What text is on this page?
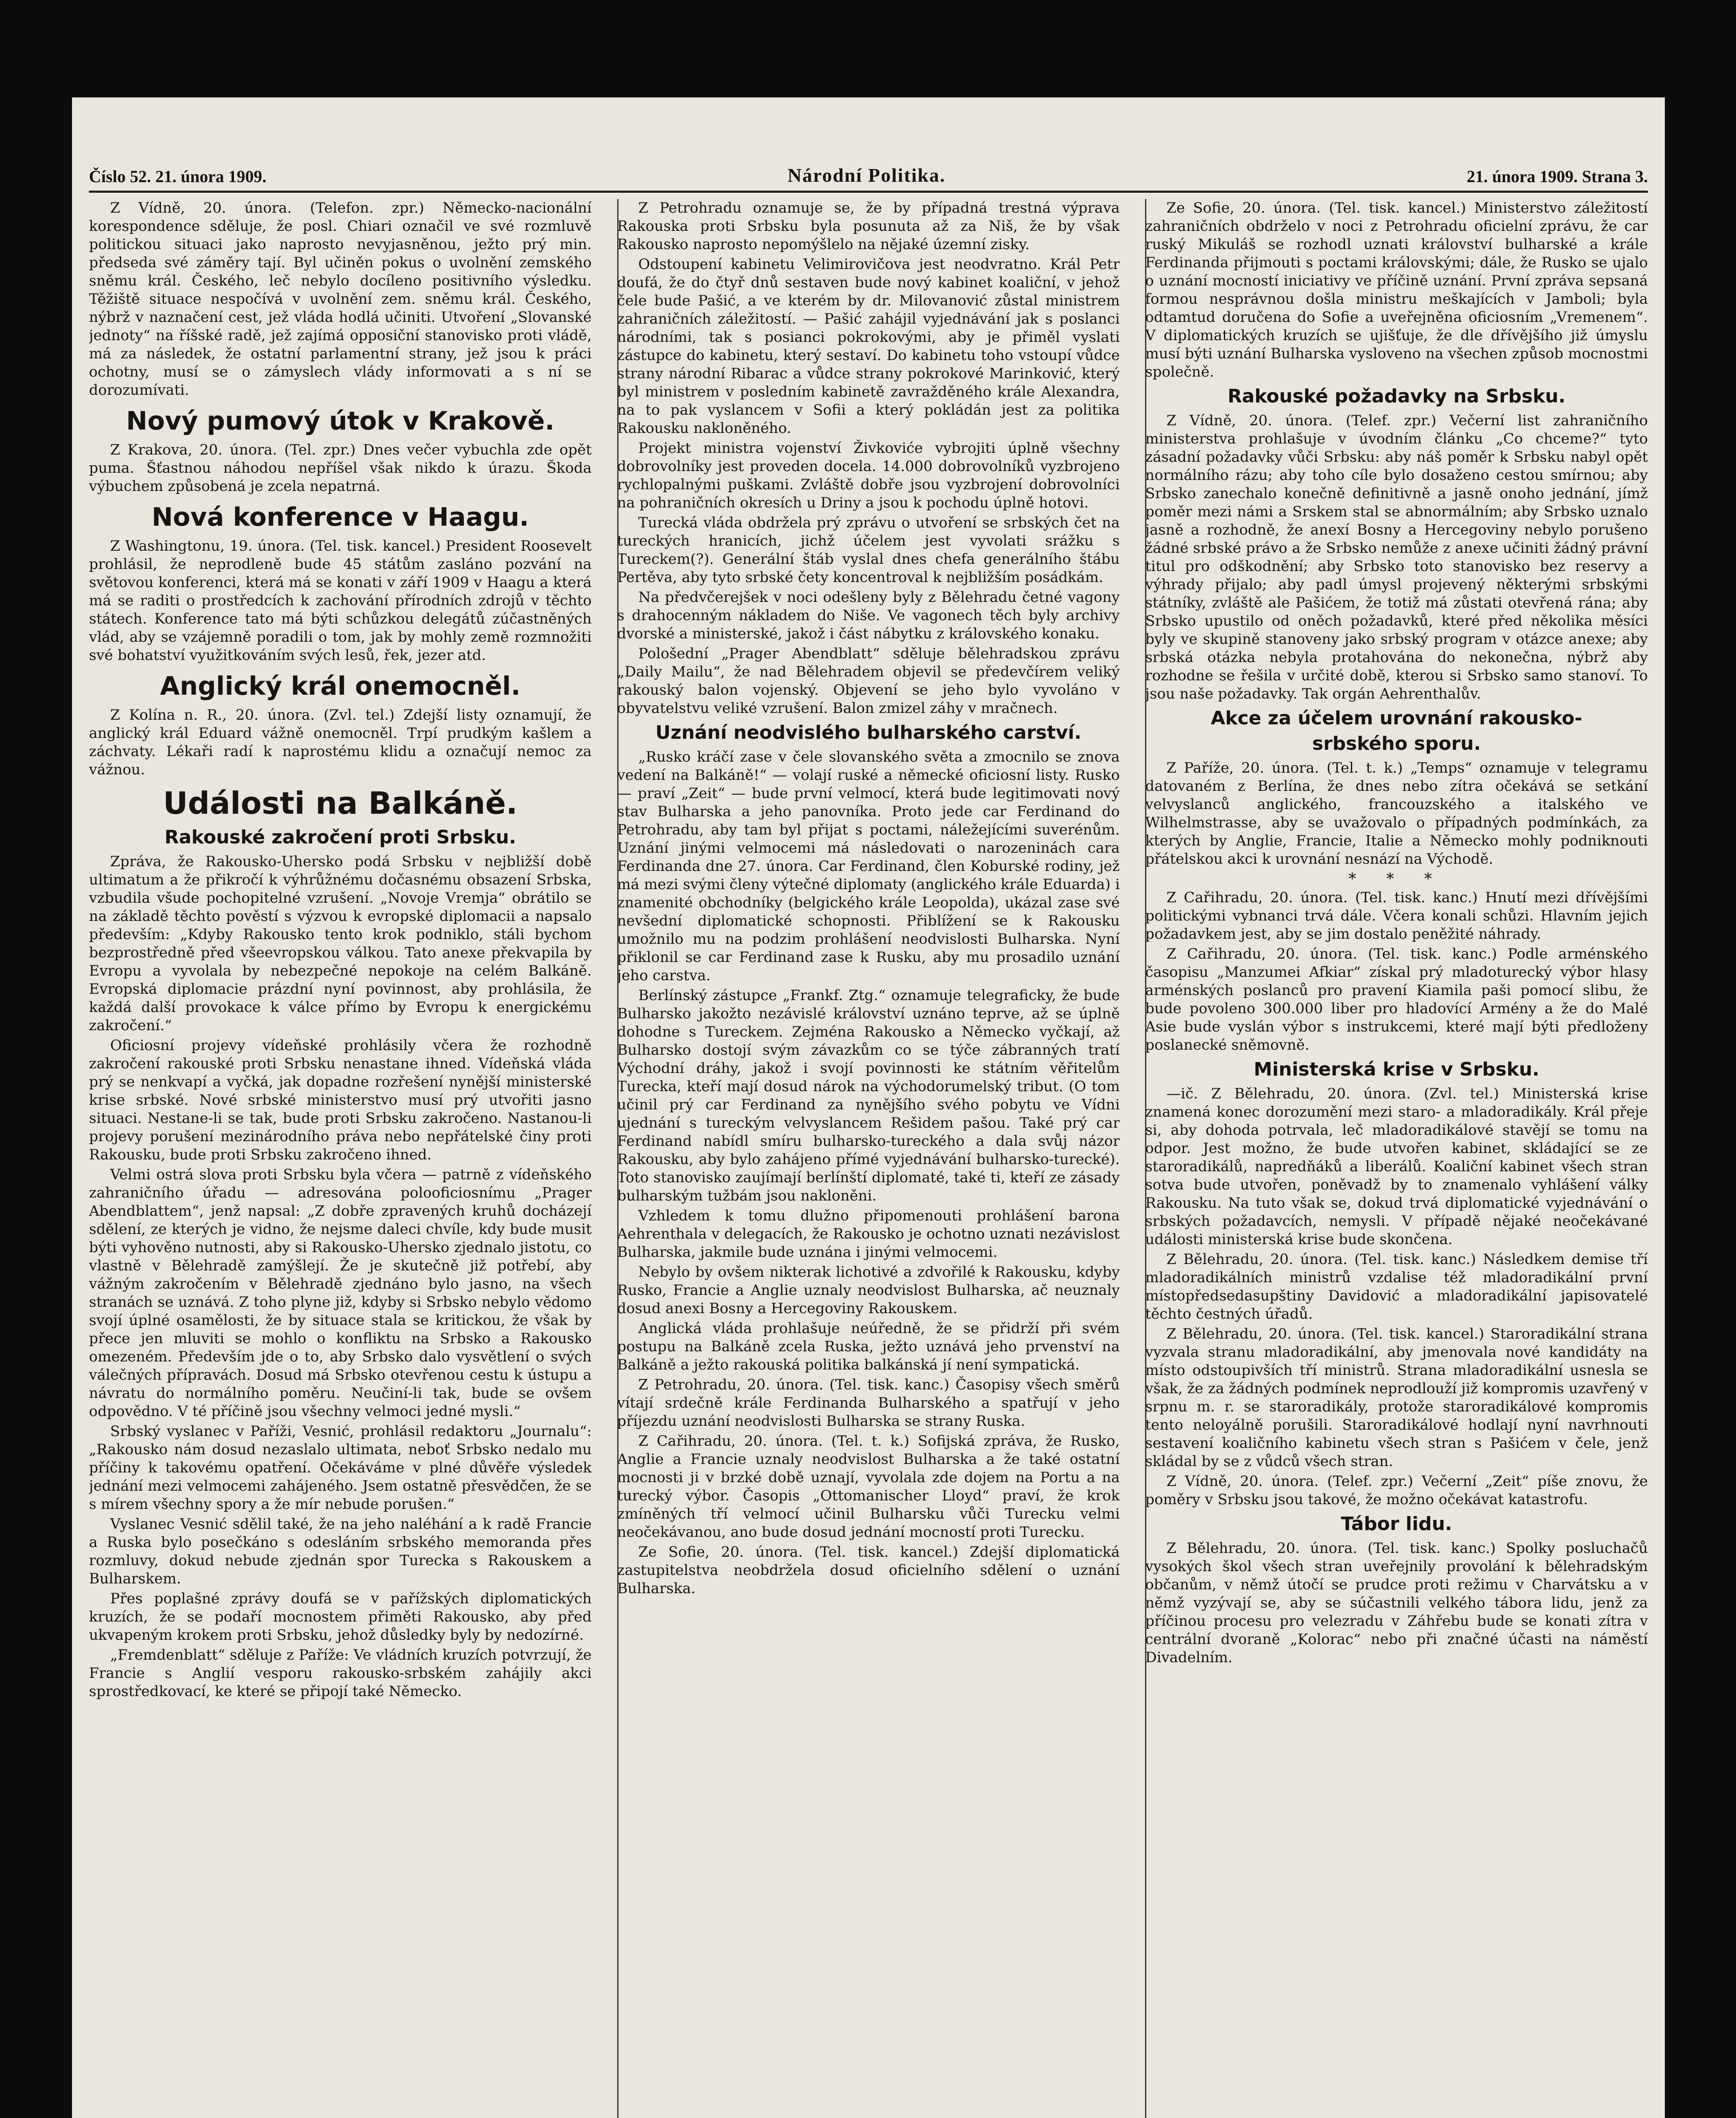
Číslo 52. 21. února 1909.	Národní Politika.	21. února 1909. Strana 3.

Z Vídně, 20. února. (Telefon. zpr.) Německo-nacionální korespondence sděluje, že posl. Chiari označil ve své rozmluvě politickou situaci jako naprosto nevyjasněnou, ježto prý min. předseda své záměry tají. Byl učiněn pokus o uvolnění zemského sněmu král. Českého, leč nebylo docíleno positivního výsledku. Těžiště situace nespočívá v uvolnění zem. sněmu král. Českého, nýbrž v naznačení cest, jež vláda hodlá učiniti. Utvoření „Slovanské jednoty“ na říšské radě, jež zajímá opposiční stanovisko proti vládě, má za následek, že ostatní parlamentní strany, jež jsou k práci ochotny, musí se o zámyslech vlády informovati a s ní se dorozumívati.

Nový pumový útok v Krakově.

Z Krakova, 20. února. (Tel. zpr.) Dnes večer vybuchla zde opět puma. Šťastnou náhodou nepříšel však nikdo k úrazu. Škoda výbuchem způsobená je zcela nepatrná.

Nová konference v Haagu.

Z Washingtonu, 19. února. (Tel. tisk. kancel.) President Roosevelt prohlásil, že neprodleně bude 45 státům zasláno pozvání na světovou konferenci, která má se konati v září 1909 v Haagu a která má se raditi o prostředcích k zachování přírodních zdrojů v těchto státech. Konference tato má býti schůzkou delegátů zúčastněných vlád, aby se vzájemně poradili o tom, jak by mohly země rozmnožiti své bohatství využitkováním svých lesů, řek, jezer atd.

Anglický král onemocněl.

Z Kolína n. R., 20. února. (Zvl. tel.) Zdejší listy oznamují, že anglický král Eduard vážně onemocněl. Trpí prudkým kašlem a záchvaty. Lékaři radí k naprostému klidu a označují nemoc za vážnou.

Události na Balkáně.
Rakouské zakročení proti Srbsku.

Zpráva, že Rakousko-Uhersko podá Srbsku v nejbližší době ultimatum a že přikročí k výhrůžnému dočasnému obsazení Srbska, vzbudila všude pochopitelné vzrušení. „Novoje Vremja“ obrátilo se na základě těchto pověstí s výzvou k evropské diplomacii a napsalo především: „Kdyby Rakousko tento krok podniklo, stáli bychom bezprostředně před všeevropskou válkou. Tato anexe překvapila by Evropu a vyvolala by nebezpečné nepokoje na celém Balkáně. Evropská diplomacie prázdní nyní povinnost, aby prohlásila, že každá další provokace k válce přímo by Evropu k energickému zakročení.“

Oficiosní projevy vídeňské prohlásily včera že rozhodně zakročení rakouské proti Srbsku nenastane ihned. Vídeňská vláda prý se nenkvapí a vyčká, jak dopadne rozřešení nynější ministerské krise srbské. Nové srbské ministerstvo musí prý utvořiti jasno situaci. Nestane-li se tak, bude proti Srbsku zakročeno. Nastanou-li projevy porušení mezinárodního práva nebo nepřátelské činy proti Rakousku, bude proti Srbsku zakročeno ihned.

Velmi ostrá slova proti Srbsku byla včera — patrně z vídeňského zahraničního úřadu — adresována polooficiosnímu „Prager Abendblattem“, jenž napsal: „Z dobře zpravených kruhů docházejí sdělení, ze kterých je vidno, že nejsme daleci chvíle, kdy bude musit býti vyhověno nutnosti, aby si Rakousko-Uhersko zjednalo jistotu, co vlastně v Bělehradě zamýšlejí. Že je skutečně již potřebí, aby vážným zakročením v Bělehradě zjednáno bylo jasno, na všech stranách se uznává. Z toho plyne již, kdyby si Srbsko nebylo vědomo svojí úplné osamělosti, že by situace stala se kritickou, že však by přece jen mluviti se mohlo o konfliktu na Srbsko a Rakousko omezeném. Především jde o to, aby Srbsko dalo vysvětlení o svých válečných přípravách. Dosud má Srbsko otevřenou cestu k ústupu a návratu do normálního poměru. Neučiní-li tak, bude se ovšem odpovědno. V té příčině jsou všechny velmoci jedné mysli.“

Srbský vyslanec v Paříži, Vesnić, prohlásil redaktoru „Journalu“: „Rakousko nám dosud nezaslalo ultimata, neboť Srbsko nedalo mu příčiny k takovému opatření. Očekáváme v plné důvěře výsledek jednání mezi velmocemi zahájeného. Jsem ostatně přesvědčen, že se s mírem všechny spory a že mír nebude porušen.“

Vyslanec Vesnić sdělil také, že na jeho naléhání a k radě Francie a Ruska bylo posečkáno s odesláním srbského memoranda přes rozmluvy, dokud nebude zjednán spor Turecka s Rakouskem a Bulharskem.

Přes poplašné zprávy doufá se v pařížských diplomatických kruzích, že se podaří mocnostem přiměti Rakousko, aby před ukvapeným krokem proti Srbsku, jehož důsledky byly by nedozírné.

„Fremdenblatt“ sděluje z Paříže: Ve vládních kruzích potvrzují, že Francie s Anglií vesporu rakousko-srbském zahájily akci sprostředkovací, ke které se připojí také Německo.

Z Petrohradu oznamuje se, že by případná trestná výprava Rakouska proti Srbsku byla posunuta až za Niš, že by však Rakousko naprosto nepomýšlelo na nějaké územní zisky.

Odstoupení kabinetu Velimirovičova jest neodvratno. Král Petr doufá, že do čtyř dnů sestaven bude nový kabinet koaliční, v jehož čele bude Pašić, a ve kterém by dr. Milovanović zůstal ministrem zahraničních záležitostí. — Pašić zahájil vyjednávání jak s poslanci národními, tak s posianci pokrokovými, aby je přiměl vyslati zástupce do kabinetu, který sestaví. Do kabinetu toho vstoupí vůdce strany národní Ribarac a vůdce strany pokrokové Marinković, který byl ministrem v posledním kabinetě zavražděného krále Alexandra, na to pak vyslancem v Sofii a který pokládán jest za politika Rakousku nakloněného.

Projekt ministra vojenství Živkoviće vybrojiti úplně všechny dobrovolníky jest proveden docela. 14.000 dobrovolníků vyzbrojeno rychlopalnými puškami. Zvláště dobře jsou vyzbrojení dobrovolníci na pohraničních okresích u Driny a jsou k pochodu úplně hotovi.

Turecká vláda obdržela prý zprávu o utvoření se srbských čet na tureckých hranicích, jichž účelem jest vyvolati srážku s Tureckem(?). Generální štáb vyslal dnes chefa generálního štábu Pertěva, aby tyto srbské čety koncentroval k nejbližším posádkám.

Na předvčerejšek v noci odešleny byly z Bělehradu četné vagony s drahocenným nákladem do Niše. Ve vagonech těch byly archivy dvorské a ministerské, jakož i část nábytku z královského konaku.

Pološední „Prager Abendblatt“ sděluje bělehradskou zprávu „Daily Mailu“, že nad Bělehradem objevil se předevčírem veliký rakouský balon vojenský. Objevení se jeho bylo vyvoláno v obyvatelstvu veliké vzrušení. Balon zmizel záhy v mračnech.

Uznání neodvislého bulharského carství.

„Rusko kráčí zase v čele slovanského světa a zmocnilo se znova vedení na Balkáně!“ — volají ruské a německé oficiosní listy. Rusko — praví „Zeit“ — bude první velmocí, která bude legitimovati nový stav Bulharska a jeho panovníka. Proto jede car Ferdinand do Petrohradu, aby tam byl přijat s poctami, náležejícími suverénům. Uznání jinými velmocemi má následovati o narozeninách cara Ferdinanda dne 27. února. Car Ferdinand, člen Koburské rodiny, jež má mezi svými členy výtečné diplomaty (anglického krále Eduarda) i znamenité obchodníky (belgického krále Leopolda), ukázal zase své nevšední diplomatické schopnosti. Přiblížení se k Rakousku umožnilo mu na podzim prohlášení neodvislosti Bulharska. Nyní přiklonil se car Ferdinand zase k Rusku, aby mu prosadilo uznání jeho carstva.

Berlínský zástupce „Frankf. Ztg.“ oznamuje telegraficky, že bude Bulharsko jakožto nezávislé království uznáno teprve, až se úplně dohodne s Tureckem. Zejména Rakousko a Německo vyčkají, až Bulharsko dostojí svým závazkům co se týče zábranných tratí Východní dráhy, jakož i svojí povinnosti ke státním věřitelům Turecka, kteří mají dosud nárok na východorumelský tribut. (O tom učinil prý car Ferdinand za nynějšího svého pobytu ve Vídni ujednání s tureckým velvyslancem Rešidem pašou. Také prý car Ferdinand nabídl smíru bulharsko-tureckého a dala svůj názor Rakousku, aby bylo zahájeno přímé vyjednávání bulharsko-turecké). Toto stanovisko zaujímají berlínští diplomaté, také ti, kteří ze zásady bulharským tužbám jsou nakloněni.

Vzhledem k tomu dlužno připomenouti prohlášení barona Aehrenthala v delegacích, že Rakousko je ochotno uznati nezávislost Bulharska, jakmile bude uznána i jinými velmocemi.

Nebylo by ovšem nikterak lichotivé a zdvořilé k Rakousku, kdyby Rusko, Francie a Anglie uznaly neodvislost Bulharska, ač neuznaly dosud anexi Bosny a Hercegoviny Rakouskem.

Anglická vláda prohlašuje neúředně, že se přidrží při svém postupu na Balkáně zcela Ruska, ježto uznává jeho prvenství na Balkáně a ježto rakouská politika balkánská jí není sympatická.

Z Petrohradu, 20. února. (Tel. tisk. kanc.) Časopisy všech směrů vítají srdečně krále Ferdinanda Bulharského a spatřují v jeho příjezdu uznání neodvislosti Bulharska se strany Ruska.

Z Cařihradu, 20. února. (Tel. t. k.) Sofijská zpráva, že Rusko, Anglie a Francie uznaly neodvislost Bulharska a že také ostatní mocnosti ji v brzké době uznají, vyvolala zde dojem na Portu a na turecký výbor. Časopis „Ottomanischer Lloyd“ praví, že krok zmíněných tří velmocí učinil Bulharsku vůči Turecku velmi neočekávanou, ano bude dosud jednání mocností proti Turecku.

Ze Sofie, 20. února. (Tel. tisk. kancel.) Zdejší diplomatická zastupitelstva neobdržela dosud oficielního sdělení o uznání Bulharska.

Ze Sofie, 20. února. (Tel. tisk. kancel.) Ministerstvo záležitostí zahraničních obdrželo v noci z Petrohradu oficielní zprávu, že car ruský Mikuláš se rozhodl uznati království bulharské a krále Ferdinanda přijmouti s poctami královskými; dále, že Rusko se ujalo o uznání mocností iniciativy ve příčině uznání. První zpráva sepsaná formou nesprávnou došla ministru meškajících v Jamboli; byla odtamtud doručena do Sofie a uveřejněna oficiosním „Vremenem“. V diplomatických kruzích se ujišťuje, že dle dřívějšího již úmyslu musí býti uznání Bulharska vysloveno na všechen způsob mocnostmi společně.

Rakouské požadavky na Srbsku.

Z Vídně, 20. února. (Telef. zpr.) Večerní list zahraničního ministerstva prohlašuje v úvodním článku „Co chceme?“ tyto zásadní požadavky vůči Srbsku: aby náš poměr k Srbsku nabyl opět normálního rázu; aby toho cíle bylo dosaženo cestou smírnou; aby Srbsko zanechalo konečně definitivně a jasně onoho jednání, jímž poměr mezi námi a Srskem stal se abnormálním; aby Srbsko uznalo jasně a rozhodně, že anexí Bosny a Hercegoviny nebylo porušeno žádné srbské právo a že Srbsko nemůže z anexe učiniti žádný právní titul pro odškodnění; aby Srbsko toto stanovisko bez reservy a výhrady přijalo; aby padl úmysl projevený některými srbskými státníky, zvláště ale Pašićem, že totiž má zůstati otevřená rána; aby Srbsko upustilo od oněch požadavků, které před několika měsíci byly ve skupině stanoveny jako srbský program v otázce anexe; aby srbská otázka nebyla protahována do nekonečna, nýbrž aby rozhodne se řešila v určité době, kterou si Srbsko samo stanoví. To jsou naše požadavky. Tak orgán Aehrenthalův.

Akce za účelem urovnání rakousko-
srbského sporu.

Z Paříže, 20. února. (Tel. t. k.) „Temps“ oznamuje v telegramu datovaném z Berlína, že dnes nebo zítra očekává se setkání velvyslanců anglického, francouzského a italského ve Wilhelmstrasse, aby se uvažovalo o případných podmínkách, za kterých by Anglie, Francie, Italie a Německo mohly podniknouti přátelskou akci k urovnání nesnází na Východě.

* * *

Z Cařihradu, 20. února. (Tel. tisk. kanc.) Hnutí mezi dřívějšími politickými vybnanci trvá dále. Včera konali schůzi. Hlavním jejich požadavkem jest, aby se jim dostalo peněžité náhrady.

Z Cařihradu, 20. února. (Tel. tisk. kanc.) Podle arménského časopisu „Manzumei Afkiar“ získal prý mladoturecký výbor hlasy arménských poslanců pro pravení Kiamila paši pomocí slibu, že bude povoleno 300.000 liber pro hladovící Armény a že do Malé Asie bude vyslán výbor s instrukcemi, které mají býti předloženy poslanecké sněmovně.

Ministerská krise v Srbsku.

—ič. Z Bělehradu, 20. února. (Zvl. tel.) Ministerská krise znamená konec dorozumění mezi staro- a mladoradikály. Král přeje si, aby dohoda potrvala, leč mladoradikálové stavějí se tomu na odpor. Jest možno, že bude utvořen kabinet, skládající se ze staroradikálů, napredňáků a liberálů. Koaliční kabinet všech stran sotva bude utvořen, poněvadž by to znamenalo vyhlášení války Rakousku. Na tuto však se, dokud trvá diplomatické vyjednávání o srbských požadavcích, nemysli. V případě nějaké neočekávané události ministerská krise bude skončena.

Z Bělehradu, 20. února. (Tel. tisk. kanc.) Následkem demise tří mladoradikálních ministrů vzdalise též mladoradikální první místopředsedasupštiny Davidović a mladoradikální japisovatelé těchto čestných úřadů.

Z Bělehradu, 20. února. (Tel. tisk. kancel.) Staroradikální strana vyzvala stranu mladoradikální, aby jmenovala nové kandidáty na místo odstoupivších tří ministrů. Strana mladoradikální usnesla se však, že za žádných podmínek neprodlouží již kompromis uzavřený v srpnu m. r. se staroradikály, protože staroradikálové kompromis tento neloyálně porušili. Staroradikálové hodlají nyní navrhnouti sestavení koaličního kabinetu všech stran s Pašićem v čele, jenž skládal by se z vůdců všech stran.

Z Vídně, 20. února. (Telef. zpr.) Večerní „Zeit“ píše znovu, že poměry v Srbsku jsou takové, že možno očekávat katastrofu.

Tábor lidu.

Z Bělehradu, 20. února. (Tel. tisk. kanc.) Spolky posluchačů vysokých škol všech stran uveřejnily provolání k bělehradským občanům, v němž útočí se prudce proti režimu v Charvátsku a v němž vyzývají se, aby se súčastnili velkého tábora lidu, jenž za příčinou procesu pro velezradu v Záhřebu bude se konati zítra v centrální dvoraně „Kolorac“ nebo při značné účasti na náměstí Divadelním.
